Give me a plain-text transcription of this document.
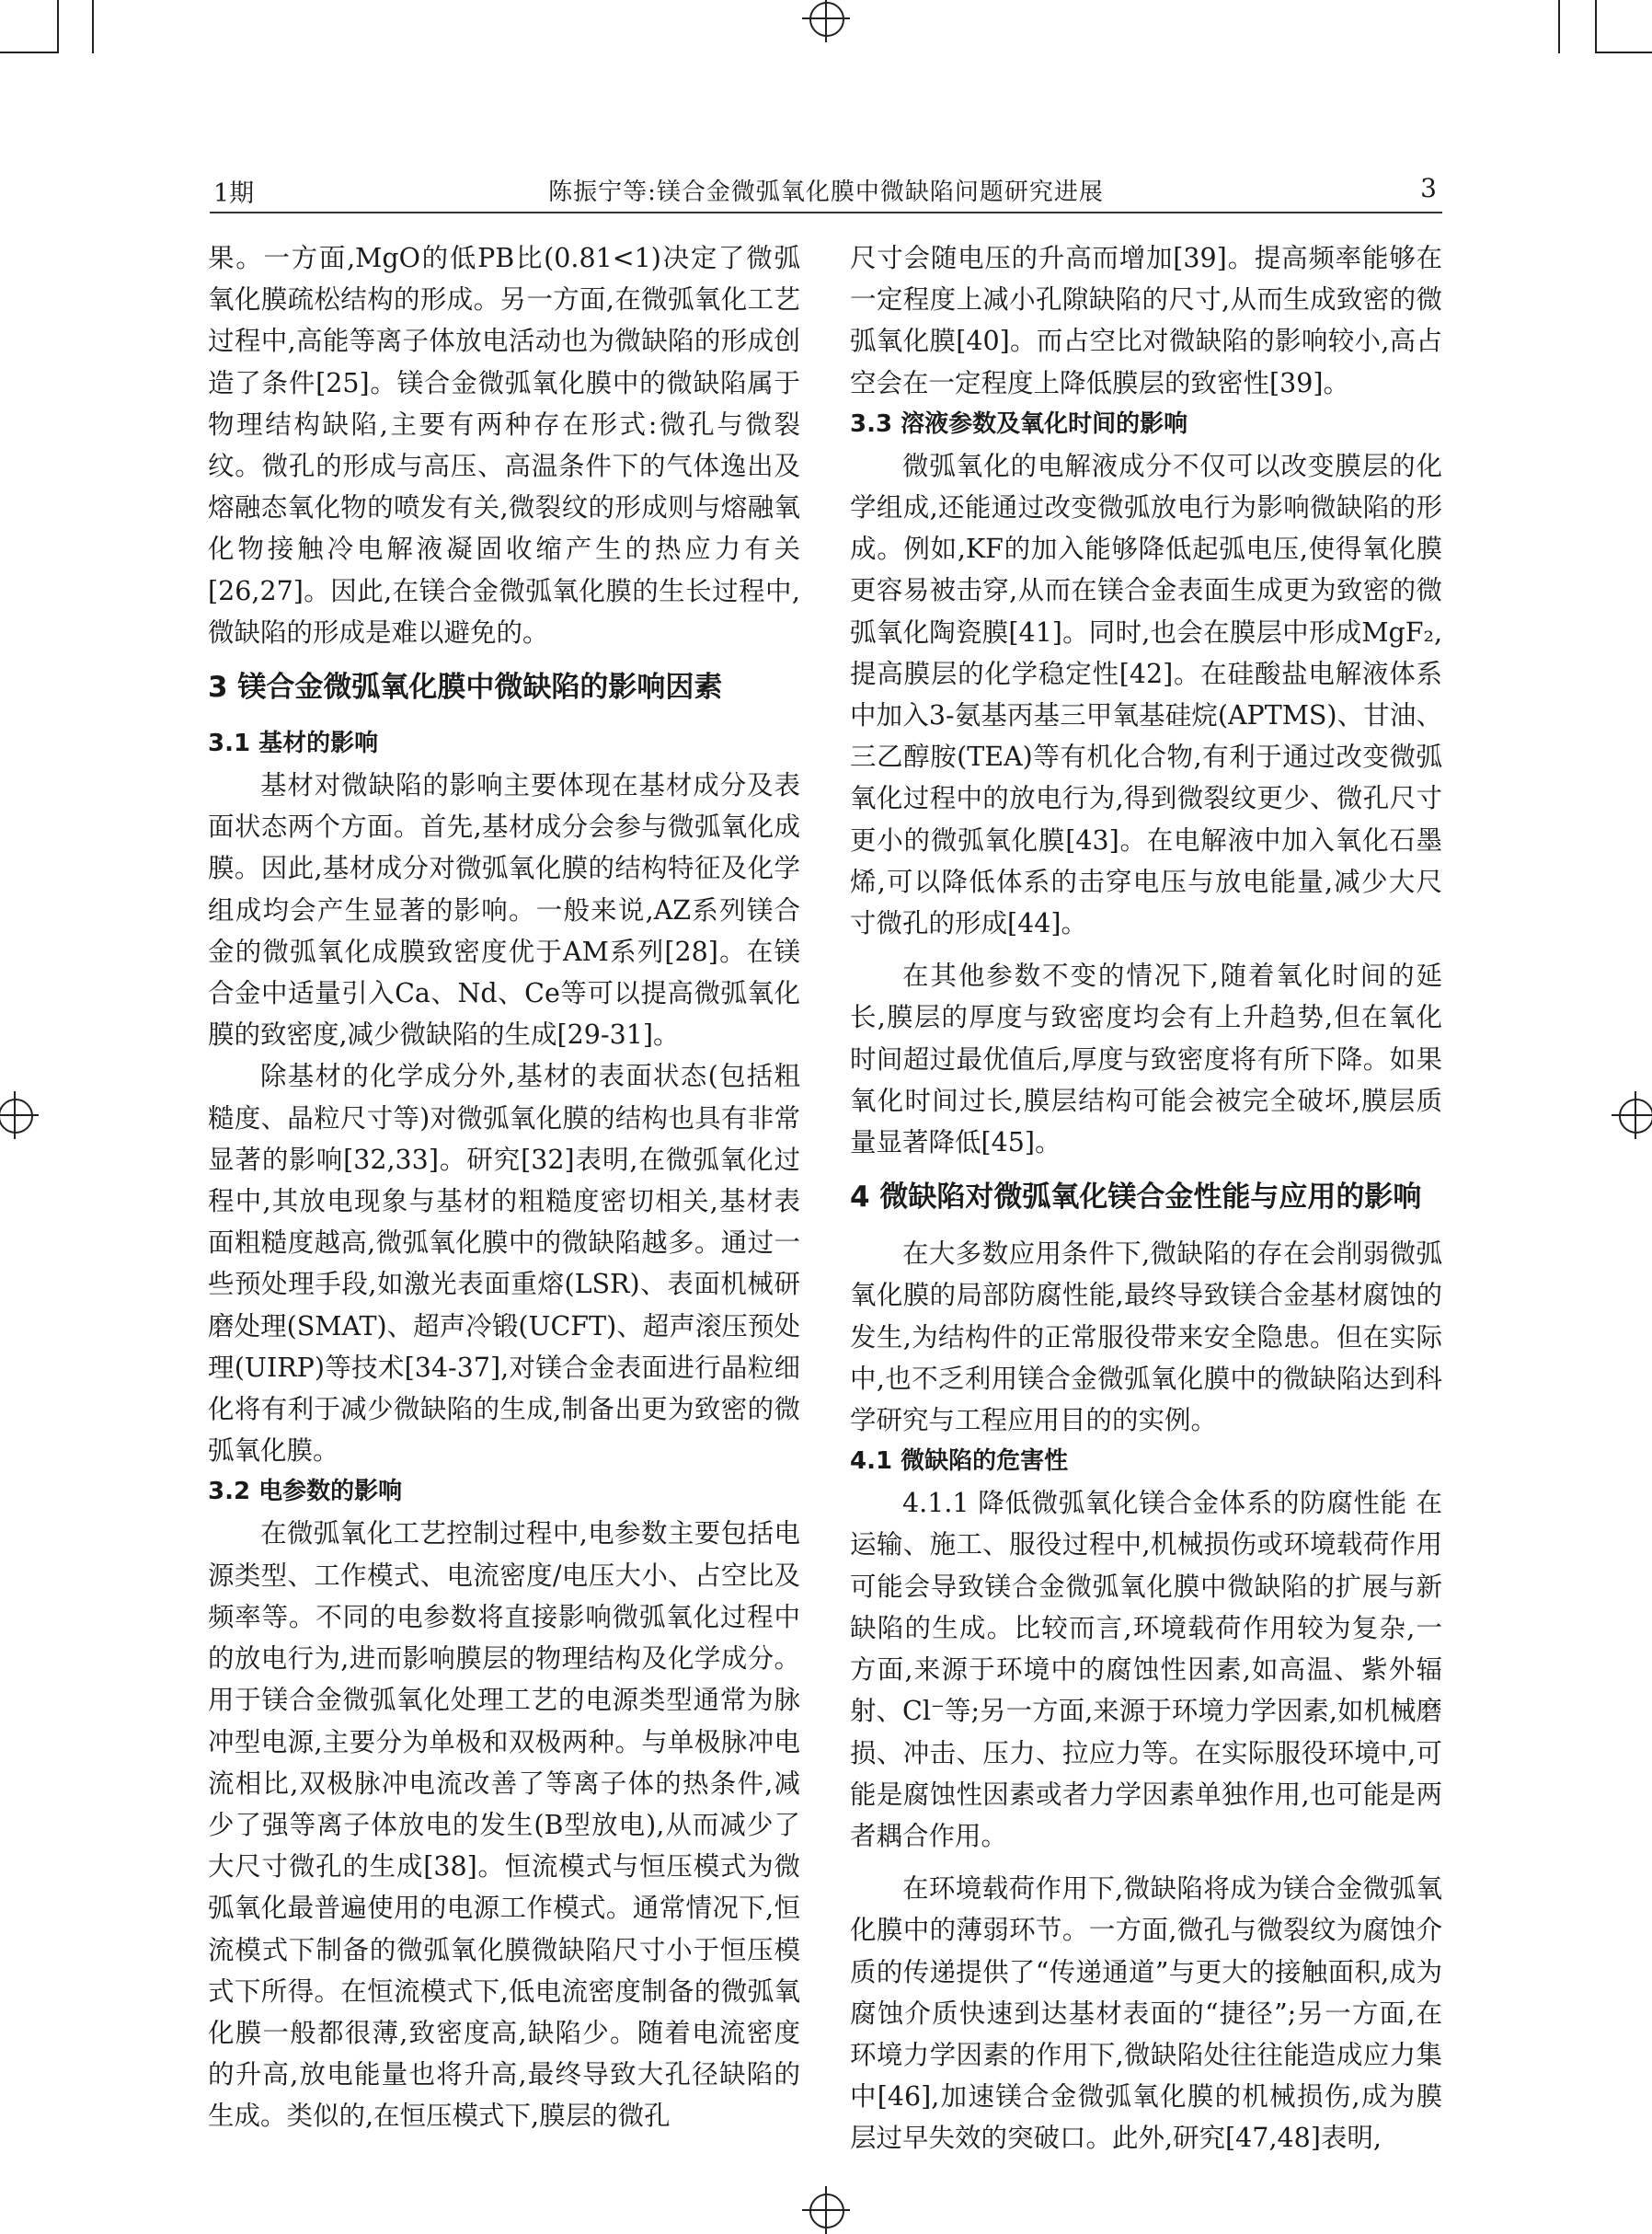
1期	陈振宁等:镁合金微弧氧化膜中微缺陷问题研究进展	3

果。一方面,MgO的低PB比(0.81<1)决定了微弧氧化膜疏松结构的形成。另一方面,在微弧氧化工艺过程中,高能等离子体放电活动也为微缺陷的形成创造了条件[25]。镁合金微弧氧化膜中的微缺陷属于物理结构缺陷,主要有两种存在形式:微孔与微裂纹。微孔的形成与高压、高温条件下的气体逸出及熔融态氧化物的喷发有关,微裂纹的形成则与熔融氧化物接触冷电解液凝固收缩产生的热应力有关[26,27]。因此,在镁合金微弧氧化膜的生长过程中,微缺陷的形成是难以避免的。

3 镁合金微弧氧化膜中微缺陷的影响因素
3.1 基材的影响

基材对微缺陷的影响主要体现在基材成分及表面状态两个方面。首先,基材成分会参与微弧氧化成膜。因此,基材成分对微弧氧化膜的结构特征及化学组成均会产生显著的影响。一般来说,AZ系列镁合金的微弧氧化成膜致密度优于AM系列[28]。在镁合金中适量引入Ca、Nd、Ce等可以提高微弧氧化膜的致密度,减少微缺陷的生成[29-31]。

除基材的化学成分外,基材的表面状态(包括粗糙度、晶粒尺寸等)对微弧氧化膜的结构也具有非常显著的影响[32,33]。研究[32]表明,在微弧氧化过程中,其放电现象与基材的粗糙度密切相关,基材表面粗糙度越高,微弧氧化膜中的微缺陷越多。通过一些预处理手段,如激光表面重熔(LSR)、表面机械研磨处理(SMAT)、超声冷锻(UCFT)、超声滚压预处理(UIRP)等技术[34-37],对镁合金表面进行晶粒细化将有利于减少微缺陷的生成,制备出更为致密的微弧氧化膜。

3.2 电参数的影响

在微弧氧化工艺控制过程中,电参数主要包括电源类型、工作模式、电流密度/电压大小、占空比及频率等。不同的电参数将直接影响微弧氧化过程中的放电行为,进而影响膜层的物理结构及化学成分。用于镁合金微弧氧化处理工艺的电源类型通常为脉冲型电源,主要分为单极和双极两种。与单极脉冲电流相比,双极脉冲电流改善了等离子体的热条件,减少了强等离子体放电的发生(B型放电),从而减少了大尺寸微孔的生成[38]。恒流模式与恒压模式为微弧氧化最普遍使用的电源工作模式。通常情况下,恒流模式下制备的微弧氧化膜微缺陷尺寸小于恒压模式下所得。在恒流模式下,低电流密度制备的微弧氧化膜一般都很薄,致密度高,缺陷少。随着电流密度的升高,放电能量也将升高,最终导致大孔径缺陷的生成。类似的,在恒压模式下,膜层的微孔

尺寸会随电压的升高而增加[39]。提高频率能够在一定程度上减小孔隙缺陷的尺寸,从而生成致密的微弧氧化膜[40]。而占空比对微缺陷的影响较小,高占空会在一定程度上降低膜层的致密性[39]。

3.3 溶液参数及氧化时间的影响

微弧氧化的电解液成分不仅可以改变膜层的化学组成,还能通过改变微弧放电行为影响微缺陷的形成。例如,KF的加入能够降低起弧电压,使得氧化膜更容易被击穿,从而在镁合金表面生成更为致密的微弧氧化陶瓷膜[41]。同时,也会在膜层中形成MgF₂,提高膜层的化学稳定性[42]。在硅酸盐电解液体系中加入3-氨基丙基三甲氧基硅烷(APTMS)、甘油、三乙醇胺(TEA)等有机化合物,有利于通过改变微弧氧化过程中的放电行为,得到微裂纹更少、微孔尺寸更小的微弧氧化膜[43]。在电解液中加入氧化石墨烯,可以降低体系的击穿电压与放电能量,减少大尺寸微孔的形成[44]。

在其他参数不变的情况下,随着氧化时间的延长,膜层的厚度与致密度均会有上升趋势,但在氧化时间超过最优值后,厚度与致密度将有所下降。如果氧化时间过长,膜层结构可能会被完全破坏,膜层质量显著降低[45]。

4 微缺陷对微弧氧化镁合金性能与应用的影响

在大多数应用条件下,微缺陷的存在会削弱微弧氧化膜的局部防腐性能,最终导致镁合金基材腐蚀的发生,为结构件的正常服役带来安全隐患。但在实际中,也不乏利用镁合金微弧氧化膜中的微缺陷达到科学研究与工程应用目的的实例。

4.1 微缺陷的危害性

4.1.1 降低微弧氧化镁合金体系的防腐性能 在运输、施工、服役过程中,机械损伤或环境载荷作用可能会导致镁合金微弧氧化膜中微缺陷的扩展与新缺陷的生成。比较而言,环境载荷作用较为复杂,一方面,来源于环境中的腐蚀性因素,如高温、紫外辐射、Cl⁻等;另一方面,来源于环境力学因素,如机械磨损、冲击、压力、拉应力等。在实际服役环境中,可能是腐蚀性因素或者力学因素单独作用,也可能是两者耦合作用。

在环境载荷作用下,微缺陷将成为镁合金微弧氧化膜中的薄弱环节。一方面,微孔与微裂纹为腐蚀介质的传递提供了“传递通道”与更大的接触面积,成为腐蚀介质快速到达基材表面的“捷径”;另一方面,在环境力学因素的作用下,微缺陷处往往能造成应力集中[46],加速镁合金微弧氧化膜的机械损伤,成为膜层过早失效的突破口。此外,研究[47,48]表明,
